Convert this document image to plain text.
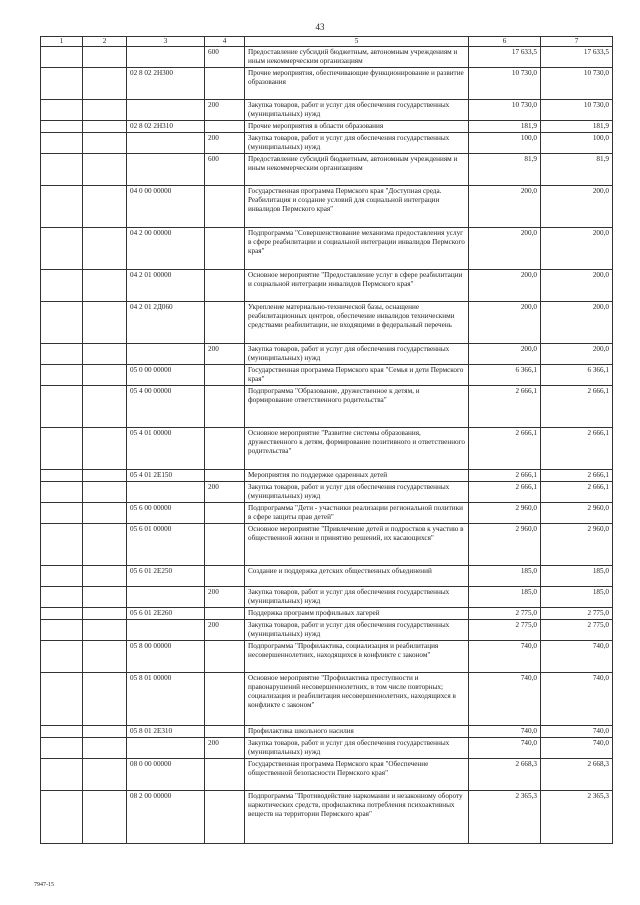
43
1	2	3	4	5	6	7
			600	Предоставление субсидий бюджетным, автономным учреждениям и иным некоммерческим организациям	17 633,5	17 633,5
		02 8 02 2Н300		Прочие мероприятия, обеспечивающие функционирование и развитие образования	10 730,0	10 730,0
			200	Закупка товаров, работ и услуг для обеспечения государственных (муниципальных) нужд	10 730,0	10 730,0
		02 8 02 2Н310		Прочие мероприятия в области образования	181,9	181,9
			200	Закупка товаров, работ и услуг для обеспечения государственных (муниципальных) нужд	100,0	100,0
			600	Предоставление субсидий бюджетным, автономным учреждениям и иным некоммерческим организациям	81,9	81,9
		04 0 00 00000		Государственная программа Пермского края "Доступная среда. Реабилитация и создание условий для социальной интеграции инвалидов Пермского края"	200,0	200,0
		04 2 00 00000		Подпрограмма "Совершенствование механизма предоставления услуг в сфере реабилитации и социальной интеграции инвалидов Пермского края"	200,0	200,0
		04 2 01 00000		Основное мероприятие "Предоставление услуг в сфере реабилитации и социальной интеграции инвалидов Пермского края"	200,0	200,0
		04 2 01 2Д060		Укрепление материально-технической базы, оснащение реабилитационных центров, обеспечение инвалидов техническими средствами реабилитации, не входящими в федеральный перечень	200,0	200,0
			200	Закупка товаров, работ и услуг для обеспечения государственных (муниципальных) нужд	200,0	200,0
		05 0 00 00000		Государственная программа Пермского края "Семья и дети Пермского края"	6 366,1	6 366,1
		05 4 00 00000		Подпрограмма "Образование, дружественное к детям, и формирование ответственного родительства"	2 666,1	2 666,1
		05 4 01 00000		Основное мероприятие "Развитие системы образования, дружественного к детям, формирование позитивного и ответственного родительства"	2 666,1	2 666,1
		05 4 01 2Е150		Мероприятия по поддержке одаренных детей	2 666,1	2 666,1
			200	Закупка товаров, работ и услуг для обеспечения государственных (муниципальных) нужд	2 666,1	2 666,1
		05 6 00 00000		Подпрограмма "Дети - участники реализации региональной политики в сфере защиты прав детей"	2 960,0	2 960,0
		05 6 01 00000		Основное мероприятие "Привлечение детей и подростков к участию в общественной жизни и принятию решений, их касающихся"	2 960,0	2 960,0
		05 6 01 2Е250		Создание и поддержка детских общественных объединений	185,0	185,0
			200	Закупка товаров, работ и услуг для обеспечения государственных (муниципальных) нужд	185,0	185,0
		05 6 01 2Е260		Поддержка программ профильных лагерей	2 775,0	2 775,0
			200	Закупка товаров, работ и услуг для обеспечения государственных (муниципальных) нужд	2 775,0	2 775,0
		05 8 00 00000		Подпрограмма "Профилактика, социализация и реабилитация несовершеннолетних, находящихся в конфликте с законом"	740,0	740,0
		05 8 01 00000		Основное мероприятие "Профилактика преступности и правонарушений несовершеннолетних, в том числе повторных; социализация и реабилитация несовершеннолетних, находящихся в конфликте с законом"	740,0	740,0
		05 8 01 2Е310		Профилактика школьного насилия	740,0	740,0
			200	Закупка товаров, работ и услуг для обеспечения государственных (муниципальных) нужд	740,0	740,0
		08 0 00 00000		Государственная программа Пермского края "Обеспечение общественной безопасности Пермского края"	2 668,3	2 668,3
		08 2 00 00000		Подпрограмма "Противодействие наркомании и незаконному обороту наркотических средств, профилактика потребления психоактивных веществ на территории Пермского края"	2 365,3	2 365,3
7947-15
